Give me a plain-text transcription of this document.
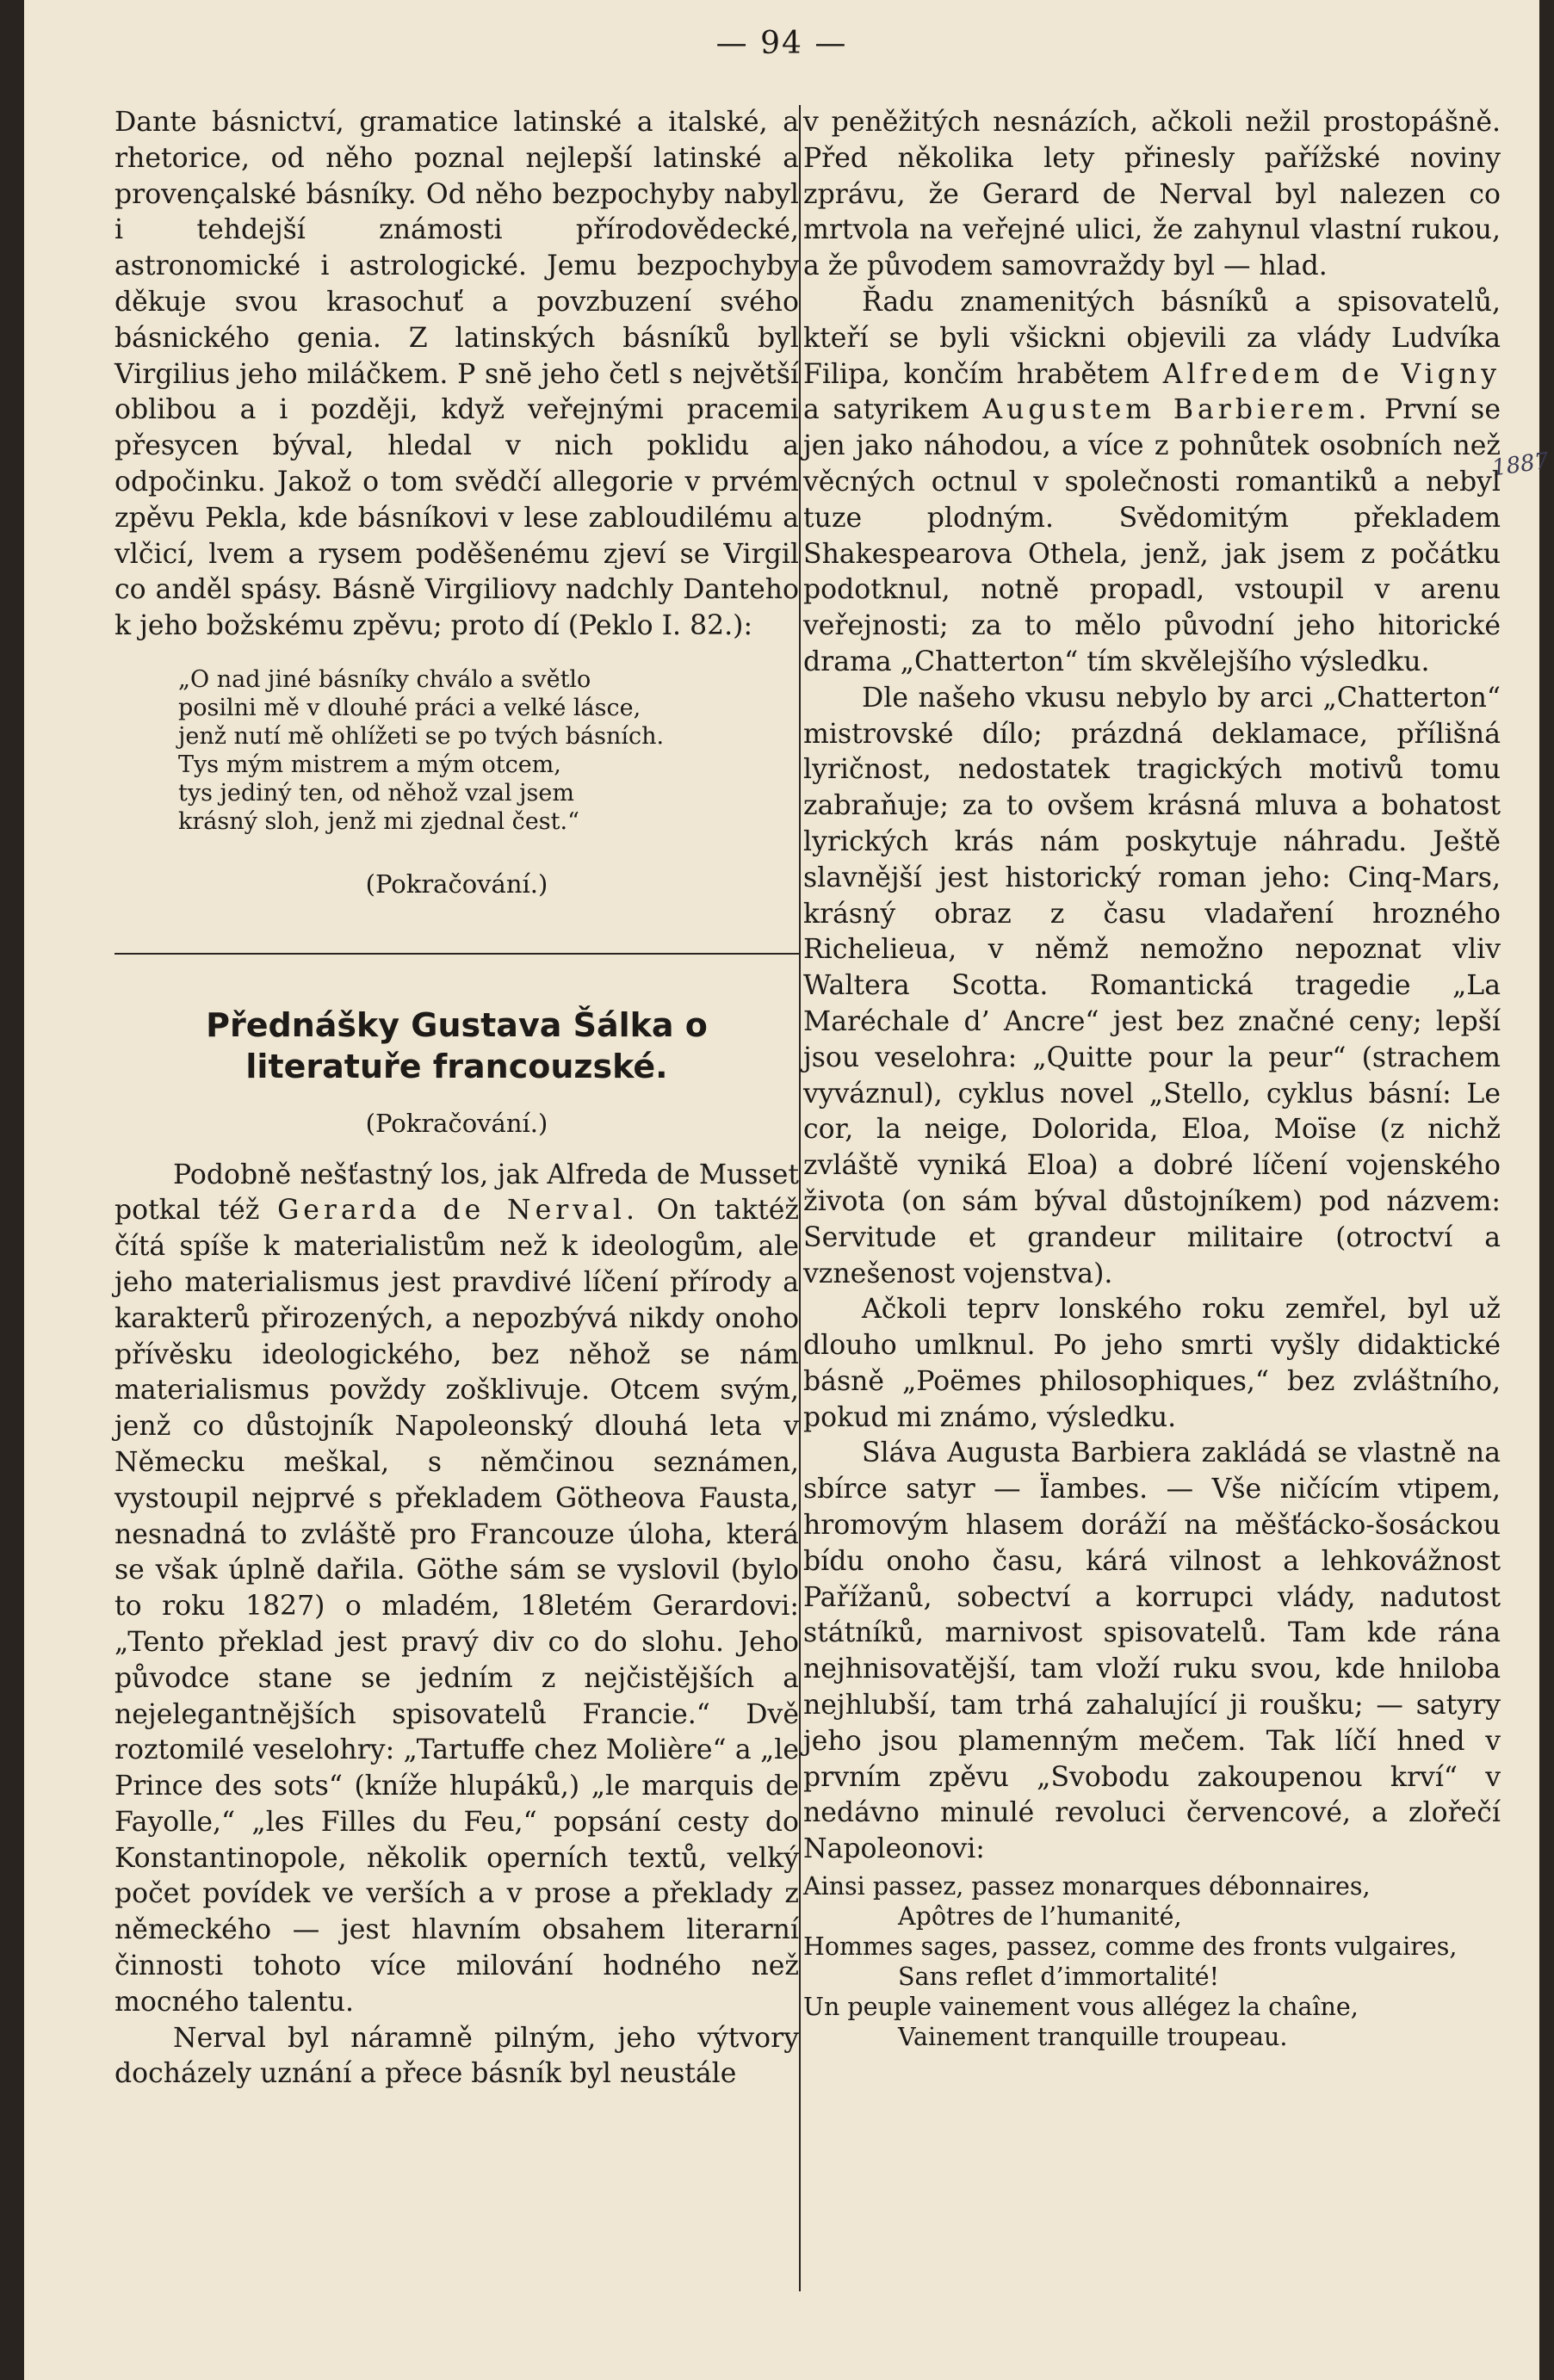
— 94 —
1887

Dante básnictví, gramatice latinské a italské, a rhetorice, od něho poznal nejlepší latinské a provençalské básníky. Od něho bezpochyby nabyl i tehdejší známosti přírodovědecké, astronomické i astrologické. Jemu bezpochyby děkuje svou krasochuť a povzbuzení svého básnického genia. Z latinských básníků byl Virgilius jeho miláčkem. P snĕ jeho četl s největší oblibou a i později, když veřejnými pracemi přesycen býval, hledal v nich poklidu a odpočinku. Jakož o tom svědčí allegorie v prvém zpěvu Pekla, kde básníkovi v lese zabloudilému a vlčicí, lvem a rysem poděšenému zjeví se Virgil co anděl spásy. Básně Virgiliovy nadchly Danteho k jeho božskému zpěvu; proto dí (Peklo I. 82.):

„O nad jiné básníky chválo a světlo
posilni mě v dlouhé práci a velké lásce,
jenž nutí mě ohlížeti se po tvých básních.
Tys mým mistrem a mým otcem,
tys jediný ten, od něhož vzal jsem
krásný sloh, jenž mi zjednal čest.“
(Pokračování.)
Přednášky Gustava Šálka o literatuře francouzské.
(Pokračování.)

Podobně nešťastný los, jak Alfreda de Musset potkal též Gerarda de Nerval. On taktéž čítá spíše k materialistům než k ideologům, ale jeho materialismus jest pravdivé líčení přírody a karakterů přirozených, a nepozbývá nikdy onoho přívěsku ideologického, bez něhož se nám materialismus povždy zošklivuje. Otcem svým, jenž co důstojník Napoleonský dlouhá leta v Německu meškal, s němčinou seznámen, vystoupil nejprvé s překladem Götheova Fausta, nesnadná to zvláště pro Francouze úloha, která se však úplně dařila. Göthe sám se vyslovil (bylo to roku 1827) o mladém, 18letém Gerardovi: „Tento překlad jest pravý div co do slohu. Jeho původce stane se jedním z nejčistějších a nejelegantnějších spisovatelů Francie.“ Dvě roztomilé veselohry: „Tartuffe chez Molière“ a „le Prince des sots“ (kníže hlupáků,) „le marquis de Fayolle,“ „les Filles du Feu,“ popsání cesty do Konstantinopole, několik operních textů, velký počet povídek ve verších a v prose a překlady z německého — jest hlavním obsahem literarní činnosti tohoto více milování hodného než mocného talentu.

Nerval byl náramně pilným, jeho výtvory docházely uznání a přece básník byl neustále

v peněžitých nesnázích, ačkoli nežil prostopášně. Před několika lety přinesly pařížské noviny zprávu, že Gerard de Nerval byl nalezen co mrtvola na veřejné ulici, že zahynul vlastní rukou, a že původem samovraždy byl — hlad.

Řadu znamenitých básníků a spisovatelů, kteří se byli všickni objevili za vlády Ludvíka Filipa, končím hrabětem Alfredem de Vigny a satyrikem Augustem Barbierem. První se jen jako náhodou, a více z pohnůtek osobních než věcných octnul v společnosti romantiků a nebyl tuze plodným. Svědomitým překladem Shakespearova Othela, jenž, jak jsem z počátku podotknul, notně propadl, vstoupil v arenu veřejnosti; za to mělo původní jeho hitorické drama „Chatterton“ tím skvělejšího výsledku.

Dle našeho vkusu nebylo by arci „Chatterton“ mistrovské dílo; prázdná deklamace, přílišná lyričnost, nedostatek tragických motivů tomu zabraňuje; za to ovšem krásná mluva a bohatost lyrických krás nám poskytuje náhradu. Ještě slavnější jest historický roman jeho: Cinq-Mars, krásný obraz z času vladaření hrozného Richelieua, v němž nemožno nepoznat vliv Waltera Scotta. Romantická tragedie „La Maréchale d’ Ancre“ jest bez značné ceny; lepší jsou veselohra: „Quitte pour la peur“ (strachem vyváznul), cyklus novel „Stello, cyklus básní: Le cor, la neige, Dolorida, Eloa, Moïse (z nichž zvláště vyniká Eloa) a dobré líčení vojenského života (on sám býval důstojníkem) pod názvem: Servitude et grandeur militaire (otroctví a vznešenost vojenstva).

Ačkoli teprv lonského roku zemřel, byl už dlouho umlknul. Po jeho smrti vyšly didaktické básně „Poëmes philosophiques,“ bez zvláštního, pokud mi známo, výsledku.

Sláva Augusta Barbiera zakládá se vlastně na sbírce satyr — Ïambes. — Vše ničícím vtipem, hromovým hlasem doráží na měšťácko-šosáckou bídu onoho času, kárá vilnost a lehkovážnost Pařížanů, sobectví a korrupci vlády, nadutost státníků, marnivost spisovatelů. Tam kde rána nejhnisovatější, tam vloží ruku svou, kde hniloba nejhlubší, tam trhá zahalující ji roušku; — satyry jeho jsou plamenným mečem. Tak líčí hned v prvním zpěvu „Svobodu zakoupenou krví“ v nedávno minulé revoluci červencové, a zlořečí Napoleonovi:

Ainsi passez, passez monarques débonnaires,
Apôtres de l’humanité,
Hommes sages, passez, comme des fronts vulgaires,
Sans reflet d’immortalité!
Un peuple vainement vous allégez la chaîne,
Vainement tranquille troupeau.
